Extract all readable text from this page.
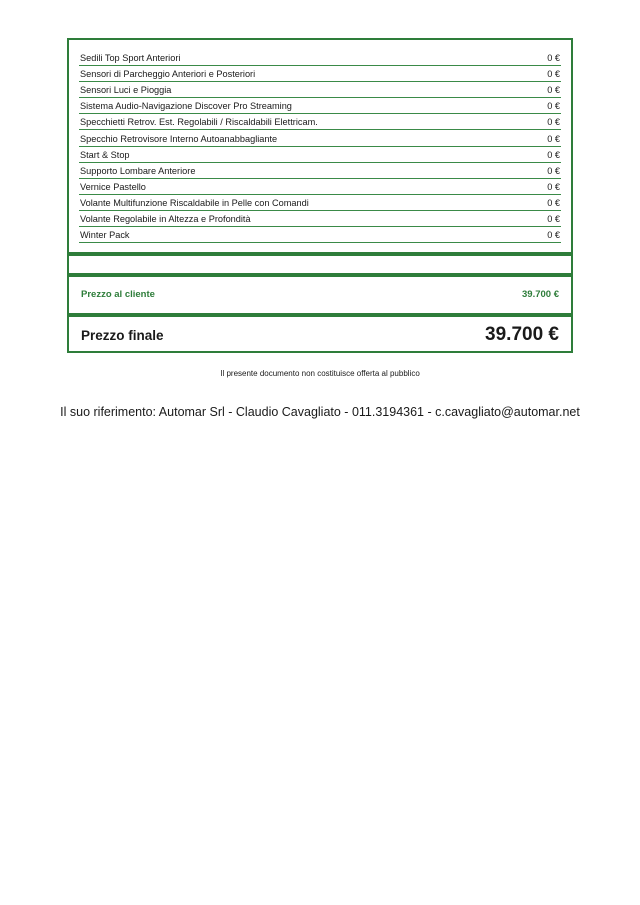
Sedili Top Sport Anteriori	0 €
Sensori di Parcheggio Anteriori e Posteriori	0 €
Sensori Luci e Pioggia	0 €
Sistema Audio-Navigazione Discover Pro Streaming	0 €
Specchietti Retrov. Est. Regolabili / Riscaldabili Elettricam.	0 €
Specchio Retrovisore Interno Autoanabbagliante	0 €
Start & Stop	0 €
Supporto Lombare Anteriore	0 €
Vernice Pastello	0 €
Volante Multifunzione Riscaldabile in Pelle con Comandi	0 €
Volante Regolabile in Altezza e Profondità	0 €
Winter Pack	0 €
Prezzo al cliente	39.700 €
Prezzo finale	39.700 €
Il presente documento non costituisce offerta al pubblico
Il suo riferimento: Automar Srl - Claudio Cavagliato - 011.3194361 - c.cavagliato@automar.net
